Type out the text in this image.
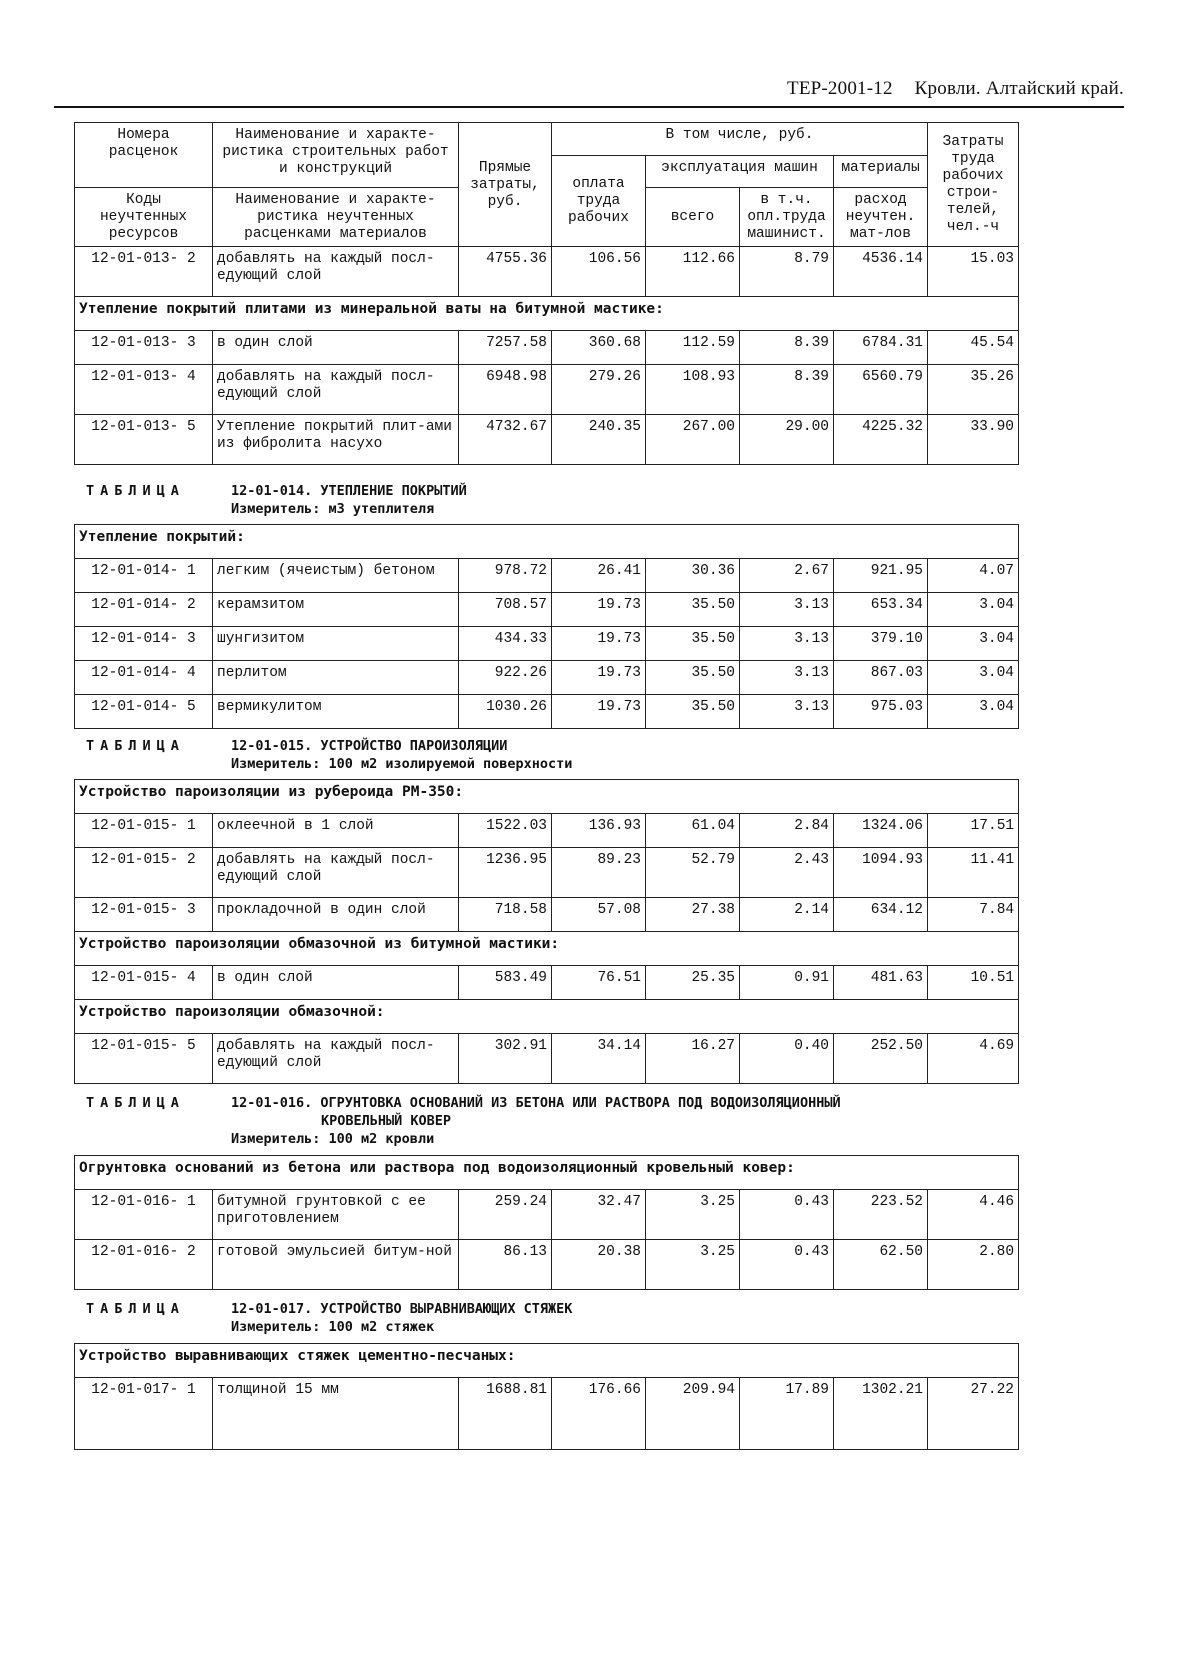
ТЕР-2001-12 Кровли. Алтайский край.
Номера расценок	Наименование и характе-ристика строительных работ и конструкций	Прямые затраты, руб.	В том числе, руб.				Затраты труда рабочих строи-телей, чел.-ч
			оплата труда рабочих	эксплуатация машин		материалы	
Коды неучтенных ресурсов	Наименование и характе-ристика неучтенных расценками материалов			всего	в т.ч. опл.труда машинист.	расход неучтен. мат-лов	

12-01-013- 2	добавлять на каждый посл-едующий слой	4755.36	106.56	112.66	8.79	4536.14	15.03
Утепление покрытий плитами из минеральной ваты на битумной мастике:							
12-01-013- 3	в один слой	7257.58	360.68	112.59	8.39	6784.31	45.54
12-01-013- 4	добавлять на каждый посл-едующий слой	6948.98	279.26	108.93	8.39	6560.79	35.26
12-01-013- 5	Утепление покрытий плит-ами из фибролита насухо	4732.67	240.35	267.00	29.00	4225.32	33.90
ТАБЛИЦА	12-01-014. УТЕПЛЕНИЕ ПОКРЫТИЙ
Измеритель: м3 утеплителя
Утепление покрытий:							
12-01-014- 1	легким (ячеистым) бетоном	978.72	26.41	30.36	2.67	921.95	4.07
12-01-014- 2	керамзитом	708.57	19.73	35.50	3.13	653.34	3.04
12-01-014- 3	шунгизитом	434.33	19.73	35.50	3.13	379.10	3.04
12-01-014- 4	перлитом	922.26	19.73	35.50	3.13	867.03	3.04
12-01-014- 5	вермикулитом	1030.26	19.73	35.50	3.13	975.03	3.04
ТАБЛИЦА	12-01-015. УСТРОЙСТВО ПАРОИЗОЛЯЦИИ
Измеритель: 100 м2 изолируемой поверхности
Устройство пароизоляции из рубероида РМ-350:							
12-01-015- 1	оклеечной в 1 слой	1522.03	136.93	61.04	2.84	1324.06	17.51
12-01-015- 2	добавлять на каждый посл-едующий слой	1236.95	89.23	52.79	2.43	1094.93	11.41
12-01-015- 3	прокладочной в один слой	718.58	57.08	27.38	2.14	634.12	7.84
Устройство пароизоляции обмазочной из битумной мастики:							
12-01-015- 4	в один слой	583.49	76.51	25.35	0.91	481.63	10.51
Устройство пароизоляции обмазочной:							
12-01-015- 5	добавлять на каждый посл-едующий слой	302.91	34.14	16.27	0.40	252.50	4.69
ТАБЛИЦА	12-01-016. ОГРУНТОВКА ОСНОВАНИЙ ИЗ БЕТОНА ИЛИ РАСТВОРА ПОД ВОДОИЗОЛЯЦИОННЫЙ
КРОВЕЛЬНЫЙ КОВЕР
Измеритель: 100 м2 кровли
Огрунтовка оснований из бетона или раствора под водоизоляционный кровельный ковер:							
12-01-016- 1	битумной грунтовкой с ее приготовлением	259.24	32.47	3.25	0.43	223.52	4.46
12-01-016- 2	готовой эмульсией битум-ной	86.13	20.38	3.25	0.43	62.50	2.80
ТАБЛИЦА	12-01-017. УСТРОЙСТВО ВЫРАВНИВАЮЩИХ СТЯЖЕК
Измеритель: 100 м2 стяжек
Устройство выравнивающих стяжек цементно-песчаных:
12-01-017- 1	толщиной 15 мм	1688.81	176.66	209.94	17.89	1302.21	27.22
